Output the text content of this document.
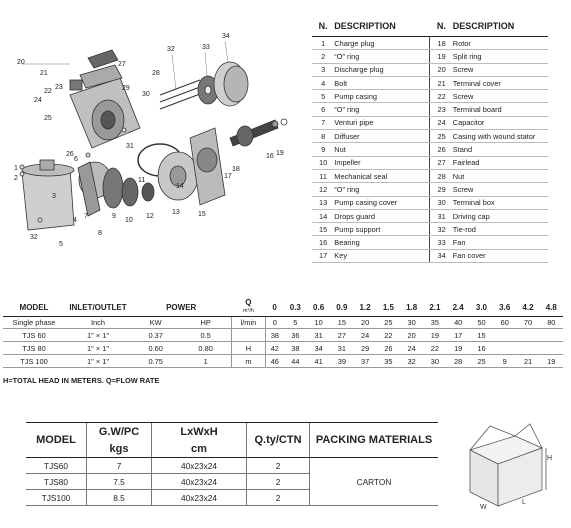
1
2
3
4
5
6
7
8
9
10
11
12
13
14
15
16
17
18
19
20
21
22
23
24
25
26
27
28
29
30
31
32	33
34
32
N.	DESCRIPTION	N.	DESCRIPTION
1	Charge plug	18	Rotor
2	“O” ring	19	Split ring
3	Discharge plug	20	Screw
4	Bolt	21	Terminal cover
5	Pump casing	22	Screw
6	“O” ring	23	Terminal board
7	Venturi pipe	24	Capacitor
8	Diffuser	25	Casing with wound stator
9	Nut	26	Stand
10	Impeller	27	Fairlead
11	Mechanical seal	28	Nut
12	“O” ring	29	Screw
13	Pump casing cover	30	Terminal box
14	Drops guard	31	Driving cap
15	Pump support	32	Tie-rod
16	Bearing	33	Fan
17	Key	34	Fan cover
MODEL	INLET/OUTLET	POWER		Q
m³/h	0	0.3	0.6	0.9	1.2	1.5	1.8	2.1	2.4	3.0	3.6	4.2	4.8

Single phase	Inch	KW	HP	l/min	0	5	10	15	20	25	30	35	40	50	60	70	80
TJS 60	1" × 1"	0.37	0.5		38	36	31	27	24	22	20	19	17	15			
TJS 80	1" × 1"	0.60	0.80	H	42	38	34	31	29	26	24	22	19	16			
TJS 100	1" × 1"	0.75	1	m	46	44	41	39	37	35	32	30	28	25	9	21	19
H=TOTAL HEAD IN METERS. Q=FLOW RATE
MODEL	G.W/PC	LxWxH	Q.ty/CTN	PACKING MATERIALS
	kgs	cm		
TJS60	7	40x23x24	2	CARTON
TJS80	7.5	40x23x24	2	
TJS100	8.5	40x23x24	2	
H
L
W
